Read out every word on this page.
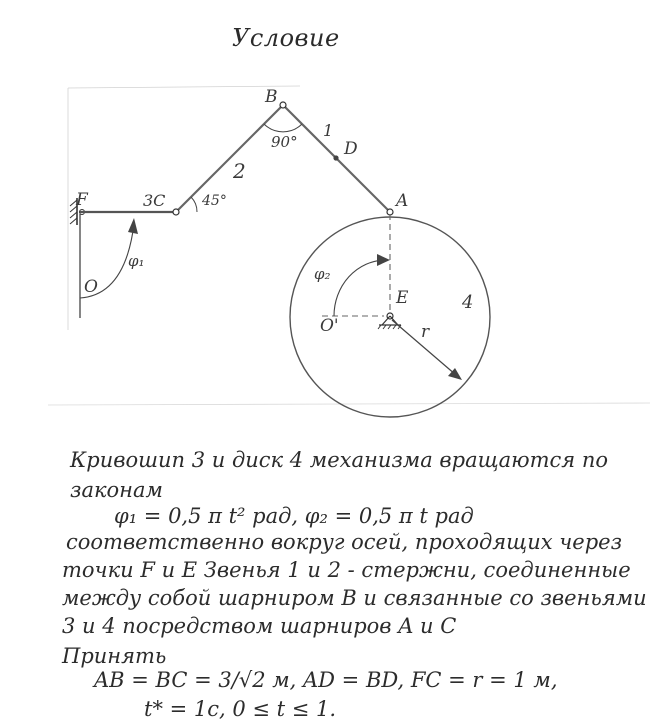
Условие
B
90°
1
D
2
3C	45°
F	A
E
φ₁
φ₂
O
O'	r
4

Кривошип 3 и диск 4 механизма вращаются по

законам

φ₁ = 0,5 π t² рад, φ₂ = 0,5 π t рад

соответственно вокруг осей, проходящих через

точки F и E Звенья 1 и 2 - стержни, соединенные

между собой шарниром B и связанные со звеньями

3 и 4 посредством шарниров A и C

Принять

AB = BC = 3/√2 м, AD = BD, FC = r = 1 м,

t* = 1c, 0 ≤ t ≤ 1.
